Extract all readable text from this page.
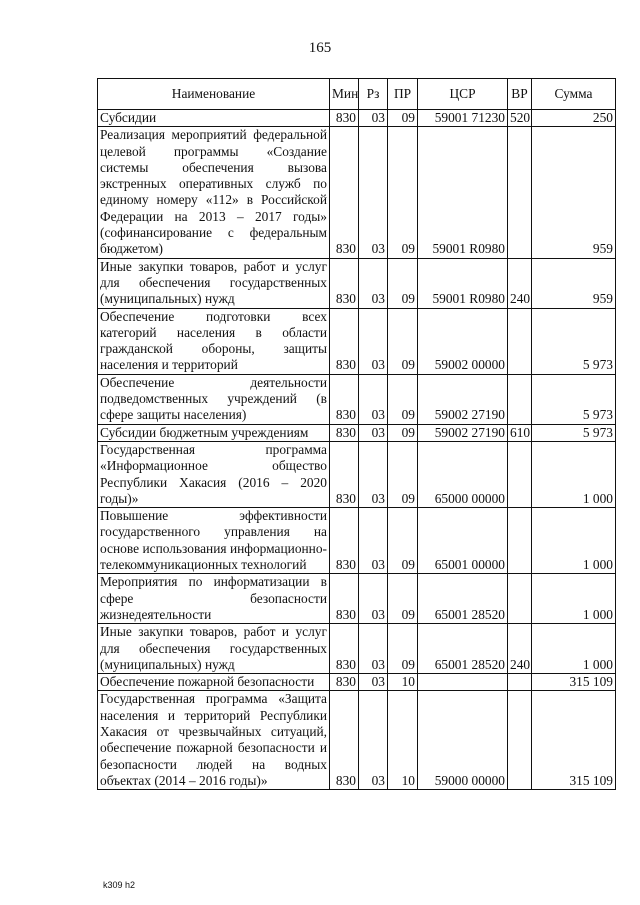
165
Наименование	Мин	Рз	ПР	ЦСР	ВР	Сумма
Субсидии	830	03	09	59001 71230	520	250
Реализация мероприятий федеральной целевой программы «Создание системы обеспечения вызова экстренных оперативных служб по единому номеру «112» в Российской Федерации на 2013 – 2017 годы» (софинансирование с федеральным бюджетом)	830	03	09	59001 R0980		959
Иные закупки товаров, работ и услуг для обеспечения государственных (муниципальных) нужд	830	03	09	59001 R0980	240	959
Обеспечение подготовки всех категорий населения в области гражданской обороны, защиты населения и территорий	830	03	09	59002 00000		5 973
Обеспечение деятельности подведомственных учреждений (в сфере защиты населения)	830	03	09	59002 27190		5 973
Субсидии бюджетным учреждениям	830	03	09	59002 27190	610	5 973
Государственная программа «Информационное общество Республики Хакасия (2016 – 2020 годы)»	830	03	09	65000 00000		1 000
Повышение эффективности государственного управления на основе использования информационно-телекоммуникационных технологий	830	03	09	65001 00000		1 000
Мероприятия по информатизации в сфере безопасности жизнедеятельности	830	03	09	65001 28520		1 000
Иные закупки товаров, работ и услуг для обеспечения государственных (муниципальных) нужд	830	03	09	65001 28520	240	1 000
Обеспечение пожарной безопасности	830	03	10			315 109
Государственная программа «Защита населения и территорий Республики Хакасия от чрезвычайных ситуаций, обеспечение пожарной безопасности и безопасности людей на водных объектах (2014 – 2016 годы)»	830	03	10	59000 00000		315 109
k309 h2
